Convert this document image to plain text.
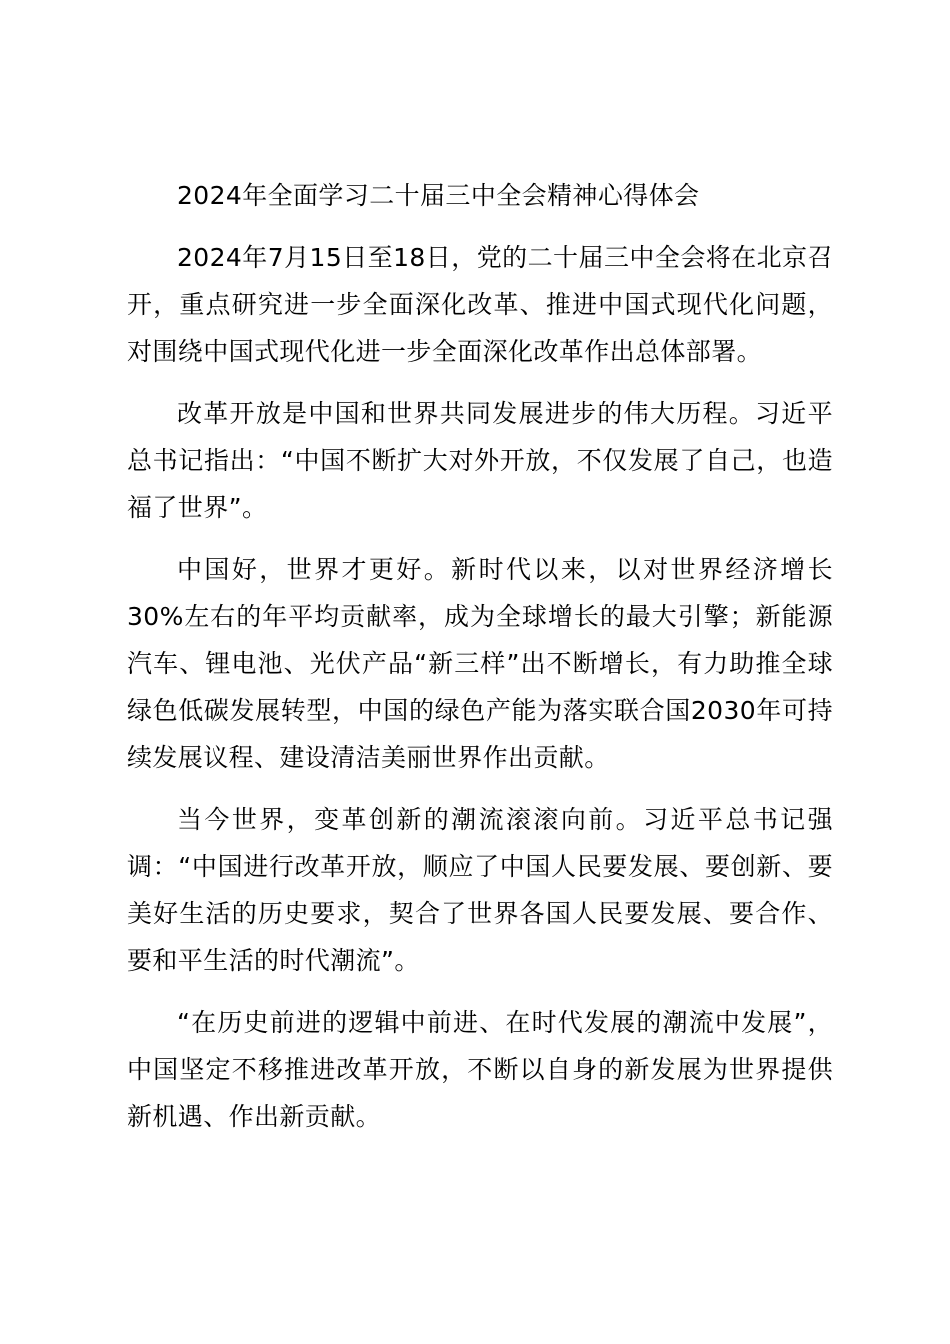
2024年全面学习二十届三中全会精神心得体会

2024年7月15日至18日，党的二十届三中全会将在北京召开，重点研究进一步全面深化改革、推进中国式现代化问题，对围绕中国式现代化进一步全面深化改革作出总体部署。

改革开放是中国和世界共同发展进步的伟大历程。习近平总书记指出：“中国不断扩大对外开放，不仅发展了自己，也造福了世界”。

中国好，世界才更好。新时代以来，以对世界经济增长30%左右的年平均贡献率，成为全球增长的最大引擎；新能源汽车、锂电池、光伏产品“新三样”出不断增长，有力助推全球绿色低碳发展转型，中国的绿色产能为落实联合国2030年可持续发展议程、建设清洁美丽世界作出贡献。

当今世界，变革创新的潮流滚滚向前。习近平总书记强调：“中国进行改革开放，顺应了中国人民要发展、要创新、要美好生活的历史要求，契合了世界各国人民要发展、要合作、要和平生活的时代潮流”。

“在历史前进的逻辑中前进、在时代发展的潮流中发展”，中国坚定不移推进改革开放，不断以自身的新发展为世界提供新机遇、作出新贡献。
